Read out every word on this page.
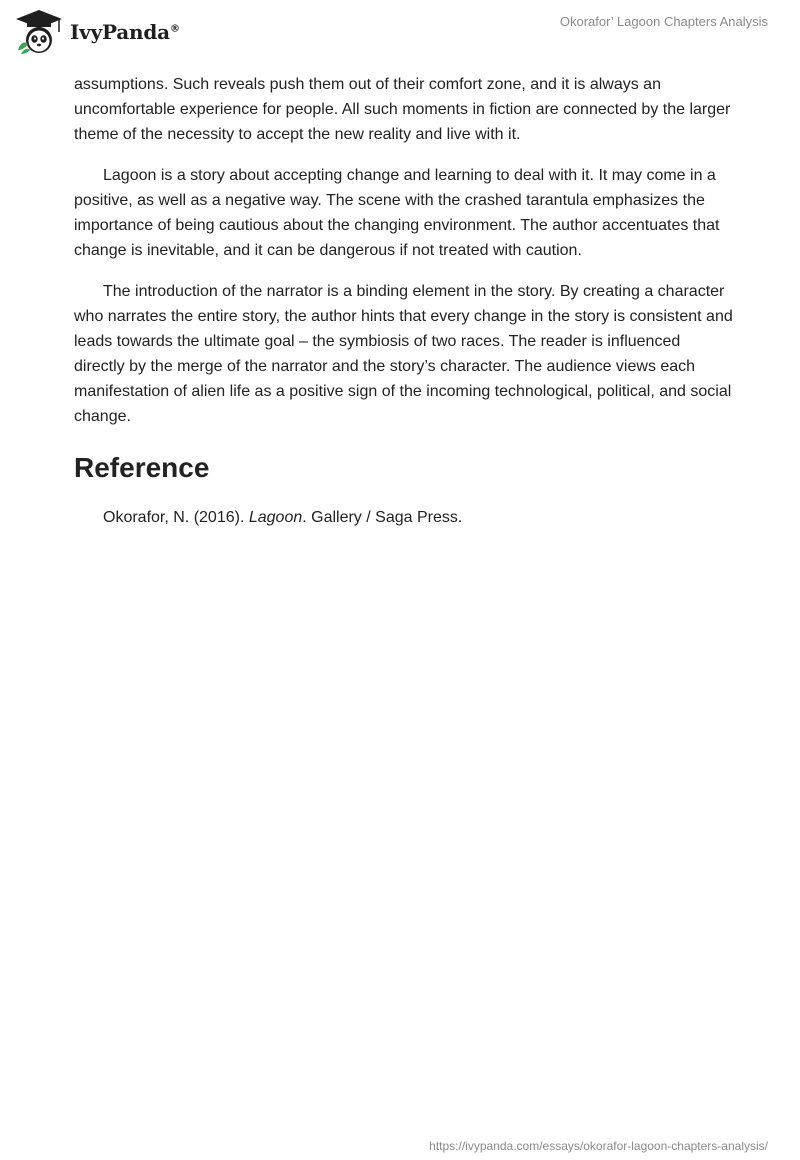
IvyPanda®	Okorafor’ Lagoon Chapters Analysis

assumptions. Such reveals push them out of their comfort zone, and it is always an uncomfortable experience for people. All such moments in fiction are connected by the larger theme of the necessity to accept the new reality and live with it.

Lagoon is a story about accepting change and learning to deal with it. It may come in a positive, as well as a negative way. The scene with the crashed tarantula emphasizes the importance of being cautious about the changing environment. The author accentuates that change is inevitable, and it can be dangerous if not treated with caution.

The introduction of the narrator is a binding element in the story. By creating a character who narrates the entire story, the author hints that every change in the story is consistent and leads towards the ultimate goal – the symbiosis of two races. The reader is influenced directly by the merge of the narrator and the story’s character. The audience views each manifestation of alien life as a positive sign of the incoming technological, political, and social change.

Reference

Okorafor, N. (2016). Lagoon. Gallery / Saga Press.

https://ivypanda.com/essays/okorafor-lagoon-chapters-analysis/
